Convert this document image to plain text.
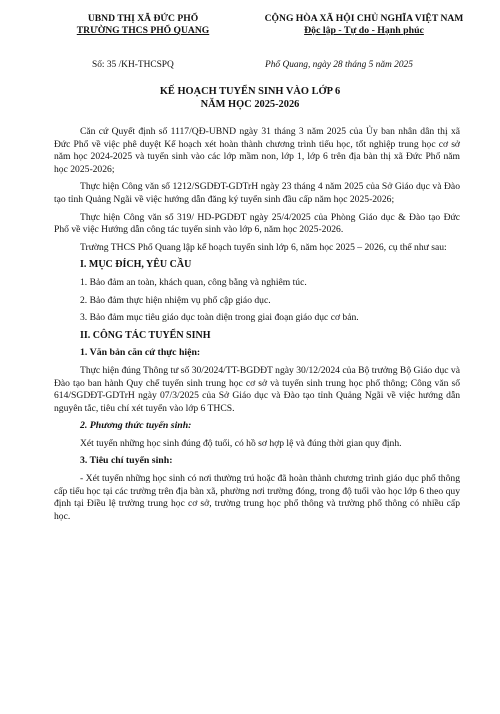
UBND THỊ XÃ ĐỨC PHỔ
TRƯỜNG THCS PHỔ QUANG
CỘNG HÒA XÃ HỘI CHỦ NGHĨA VIỆT NAM
Độc lập - Tự do - Hạnh phúc
Số: 35 /KH-THCSPQ	Phổ Quang, ngày 28 tháng 5 năm 2025
KẾ HOẠCH TUYỂN SINH VÀO LỚP 6
NĂM HỌC 2025-2026

Căn cứ Quyết định số 1117/QĐ-UBND ngày 31 tháng 3 năm 2025 của Ủy ban nhân dân thị xã Đức Phổ về việc phê duyệt Kế hoạch xét hoàn thành chương trình tiểu học, tốt nghiệp trung học cơ sở năm học 2024-2025 và tuyển sinh vào các lớp mầm non, lớp 1, lớp 6 trên địa bàn thị xã Đức Phổ năm học 2025-2026;

Thực hiện Công văn số 1212/SGDĐT-GDTrH ngày 23 tháng 4 năm 2025 của Sở Giáo dục và Đào tạo tỉnh Quảng Ngãi về việc hướng dẫn đăng ký tuyển sinh đầu cấp năm học 2025-2026;

Thực hiện Công văn số 319/ HD-PGDĐT ngày 25/4/2025 của Phòng Giáo dục & Đào tạo Đức Phổ về việc Hướng dẫn công tác tuyển sinh vào lớp 6, năm học 2025-2026.

Trường THCS Phổ Quang lập kế hoạch tuyển sinh lớp 6, năm học 2025 – 2026, cụ thể như sau:

I. MỤC ĐÍCH, YÊU CẦU

1. Bảo đảm an toàn, khách quan, công bằng và nghiêm túc.

2. Bảo đảm thực hiện nhiệm vụ phổ cập giáo dục.

3. Bảo đảm mục tiêu giáo dục toàn diện trong giai đoạn giáo dục cơ bản.

II. CÔNG TÁC TUYỂN SINH
1. Văn bản căn cứ thực hiện:

Thực hiện đúng Thông tư số 30/2024/TT-BGDĐT ngày 30/12/2024 của Bộ trưởng Bộ Giáo dục và Đào tạo ban hành Quy chế tuyển sinh trung học cơ sở và tuyển sinh trung học phổ thông; Công văn số 614/SGDĐT-GDTrH ngày 07/3/2025 của Sở Giáo dục và Đào tạo tỉnh Quảng Ngãi về việc hướng dẫn nguyên tắc, tiêu chí xét tuyển vào lớp 6 THCS.

2. Phương thức tuyển sinh:

Xét tuyển những học sinh đúng độ tuổi, có hồ sơ hợp lệ và đúng thời gian quy định.

3. Tiêu chí tuyển sinh:

- Xét tuyển những học sinh có nơi thường trú hoặc đã hoàn thành chương trình giáo dục phổ thông cấp tiểu học tại các trường trên địa bàn xã, phường nơi trường đóng, trong độ tuổi vào học lớp 6 theo quy định tại Điều lệ trường trung học cơ sở, trường trung học phổ thông và trường phổ thông có nhiều cấp học.
